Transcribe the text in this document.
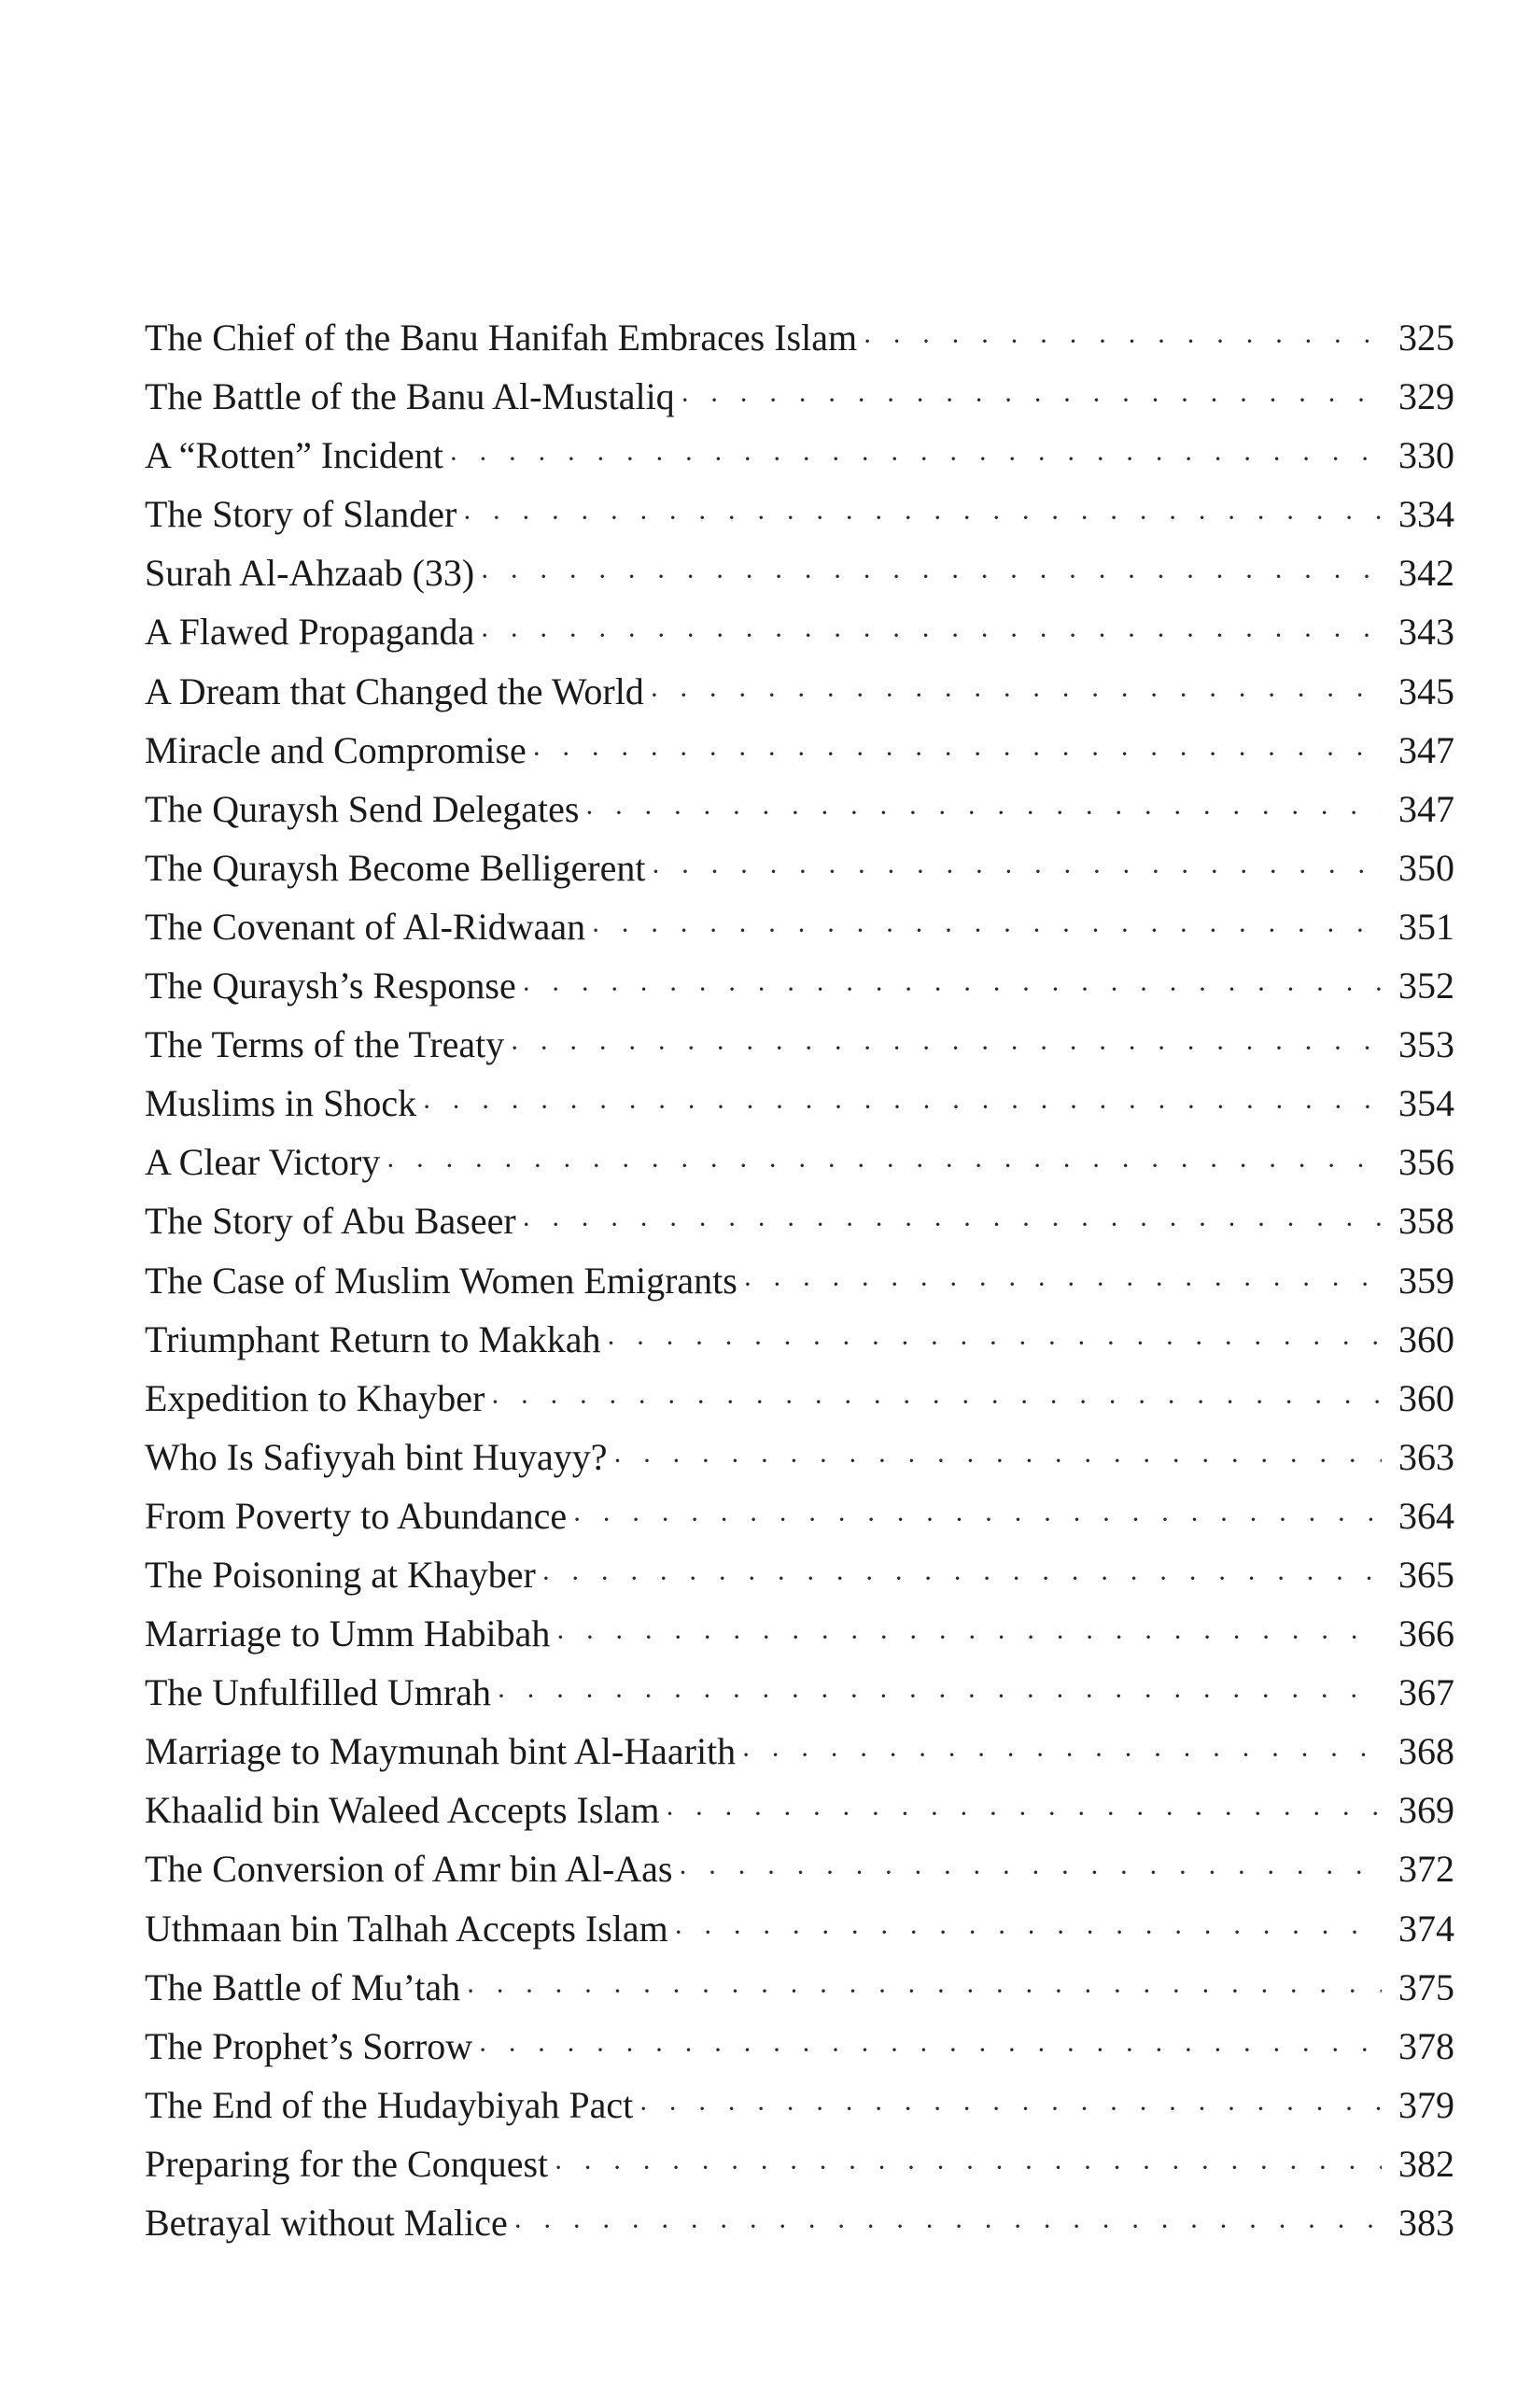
The Chief of the Banu Hanifah Embraces Islam · · ·	325
The Battle of the Banu Al-Mustaliq · · ·	329
A “Rotten” Incident · · ·	330
The Story of Slander · · ·	334
Surah Al-Ahzaab (33) · · ·	342
A Flawed Propaganda · · ·	343
A Dream that Changed the World · · ·	345
Miracle and Compromise · · ·	347
The Quraysh Send Delegates · · ·	347
The Quraysh Become Belligerent · · ·	350
The Covenant of Al-Ridwaan · · ·	351
The Quraysh’s Response · · ·	352
The Terms of the Treaty · · ·	353
Muslims in Shock · · ·	354
A Clear Victory · · ·	356
The Story of Abu Baseer · · ·	358
The Case of Muslim Women Emigrants · · ·	359
Triumphant Return to Makkah · · ·	360
Expedition to Khayber · · ·	360
Who Is Safiyyah bint Huyayy? · · ·	363
From Poverty to Abundance · · ·	364
The Poisoning at Khayber · · ·	365
Marriage to Umm Habibah · · ·	366
The Unfulfilled Umrah · · ·	367
Marriage to Maymunah bint Al-Haarith · · ·	368
Khaalid bin Waleed Accepts Islam · · ·	369
The Conversion of Amr bin Al-Aas · · ·	372
Uthmaan bin Talhah Accepts Islam · · ·	374
The Battle of Mu’tah · · ·	375
The Prophet’s Sorrow · · ·	378
The End of the Hudaybiyah Pact · · ·	379
Preparing for the Conquest · · ·	382
Betrayal without Malice · · ·	383
